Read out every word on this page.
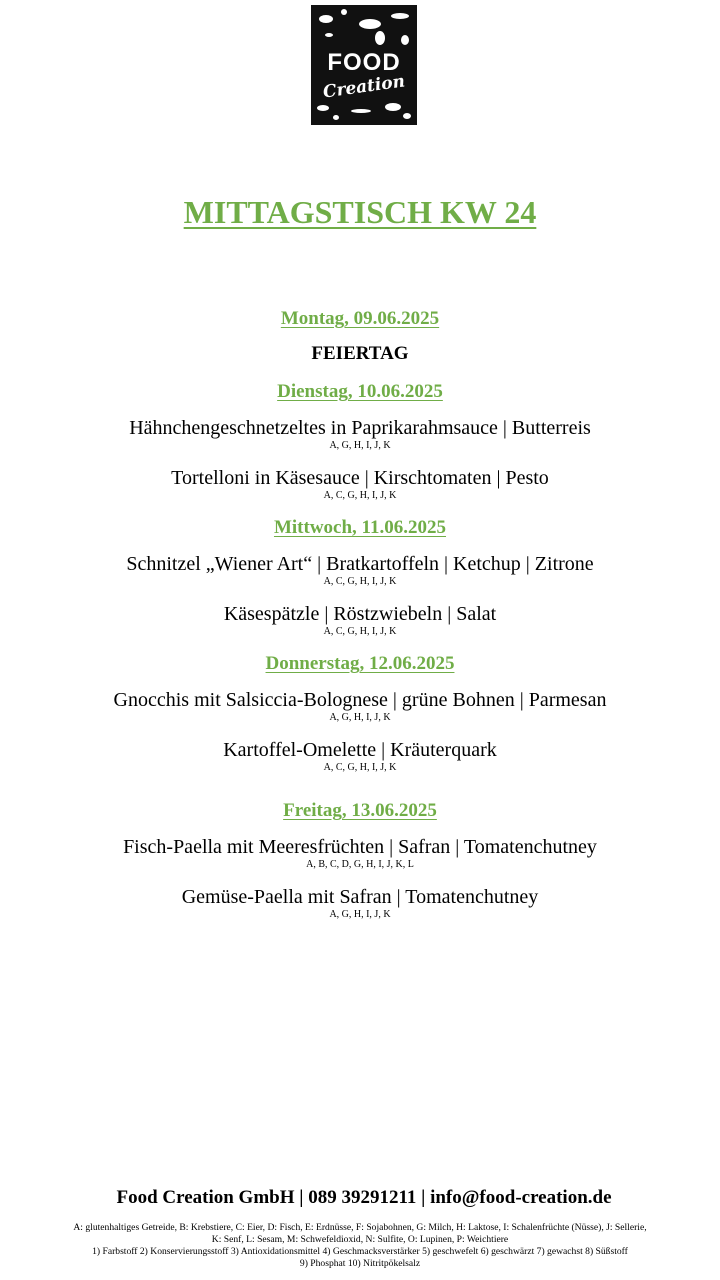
FOOD
Creation
MITTAGSTISCH KW 24
Montag, 09.06.2025
FEIERTAG
Dienstag, 10.06.2025
Hähnchengeschnetzeltes in Paprikarahmsauce | Butterreis
A, G, H, I, J, K
Tortelloni in Käsesauce | Kirschtomaten | Pesto
A, C, G, H, I, J, K
Mittwoch, 11.06.2025
Schnitzel „Wiener Art“ | Bratkartoffeln | Ketchup | Zitrone
A, C, G, H, I, J, K
Käsespätzle | Röstzwiebeln | Salat
A, C, G, H, I, J, K
Donnerstag, 12.06.2025
Gnocchis mit Salsiccia-Bolognese | grüne Bohnen | Parmesan
A, G, H, I, J, K
Kartoffel-Omelette | Kräuterquark
A, C, G, H, I, J, K
Freitag, 13.06.2025
Fisch-Paella mit Meeresfrüchten | Safran | Tomatenchutney
A, B, C, D, G, H, I, J, K, L
Gemüse-Paella mit Safran | Tomatenchutney
A, G, H, I, J, K
Food Creation GmbH | 089 39291211 | info@food-creation.de
A: glutenhaltiges Getreide, B: Krebstiere, C: Eier, D: Fisch, E: Erdnüsse, F: Sojabohnen, G: Milch, H: Laktose, I: Schalenfrüchte (Nüsse), J: Sellerie,
K: Senf, L: Sesam, M: Schwefeldioxid, N: Sulfite, O: Lupinen, P: Weichtiere
1) Farbstoff 2) Konservierungsstoff 3) Antioxidationsmittel 4) Geschmacksverstärker 5) geschwefelt 6) geschwärzt 7) gewachst 8) Süßstoff
9) Phosphat 10) Nitritpökelsalz
